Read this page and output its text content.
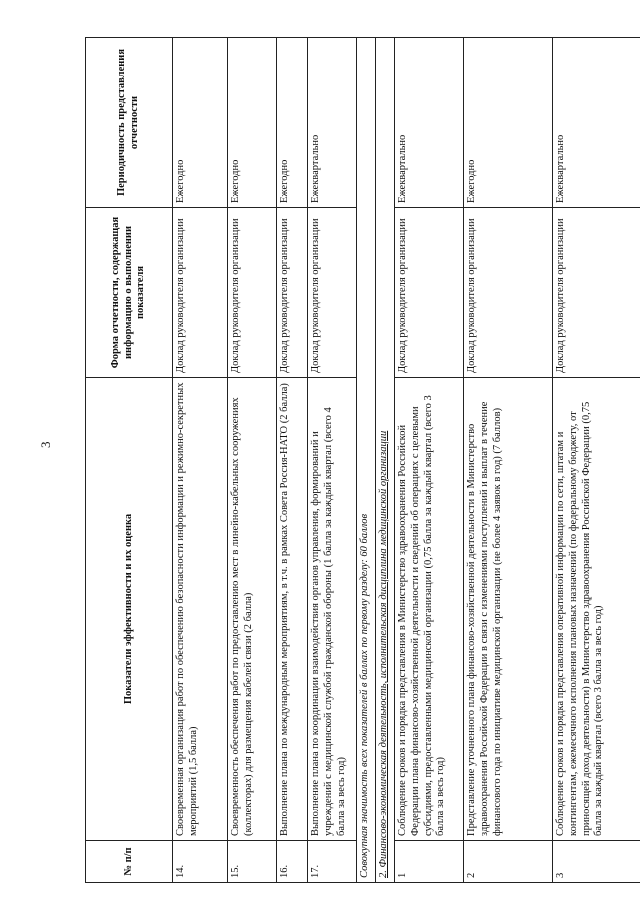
3
№ п/п	Показатели эффективности и их оценка	Форма отчетности, содержащая информацию о выполнении показателя	Периодичность представления отчетности
14.	Своевременная организация работ по обеспечению безопасности информации и режимно-секретных мероприятий (1,5 балла)	Доклад руководителя организации	Ежегодно
15.	Своевременность обеспечения работ по предоставлению мест в линейно-кабельных сооружениях (коллекторах) для размещения кабелей связи (2 балла)	Доклад руководителя организации	Ежегодно
16.	Выполнение плана по международным мероприятиям, в т.ч. в рамках Совета Россия-НАТО (2 балла)	Доклад руководителя организации	Ежегодно
17.	Выполнение плана по координации взаимодействия органов управления, формирований и учреждений с медицинской службой гражданской обороны (1 балла за каждый квартал (всего 4 балла за весь год)	Доклад руководителя организации	Ежеквартально
Совокупная значимость всех показателей в баллах по первому разделу: 60 баллов			
2. Финансово-экономическая деятельность, исполнительская дисциплина медицинской организации			
1	Соблюдение сроков и порядка представления в Министерство здравоохранения Российской Федерации плана финансово-хозяйственной деятельности и сведений об операциях с целевыми субсидиями, предоставленными медицинской организации (0,75 балла за каждый квартал (всего 3 балла за весь год)	Доклад руководителя организации	Ежеквартально
2	Представление уточненного плана финансово-хозяйственной деятельности в Министерство здравоохранения Российской Федерации в связи с изменениями поступлений и выплат в течение финансового года по инициативе медицинской организации (не более 4 заявок в год) (7 баллов)	Доклад руководителя организации	Ежегодно
3	Соблюдение сроков и порядка представления оперативной информации по сети, штатам и контингентам, ежемесячного исполнения плановых назначений (по федеральному бюджету, от приносящей доход деятельности) в Министерство здравоохранения Российской Федерации (0,75 балла за каждый квартал (всего 3 балла за весь год)	Доклад руководителя организации	Ежеквартально
